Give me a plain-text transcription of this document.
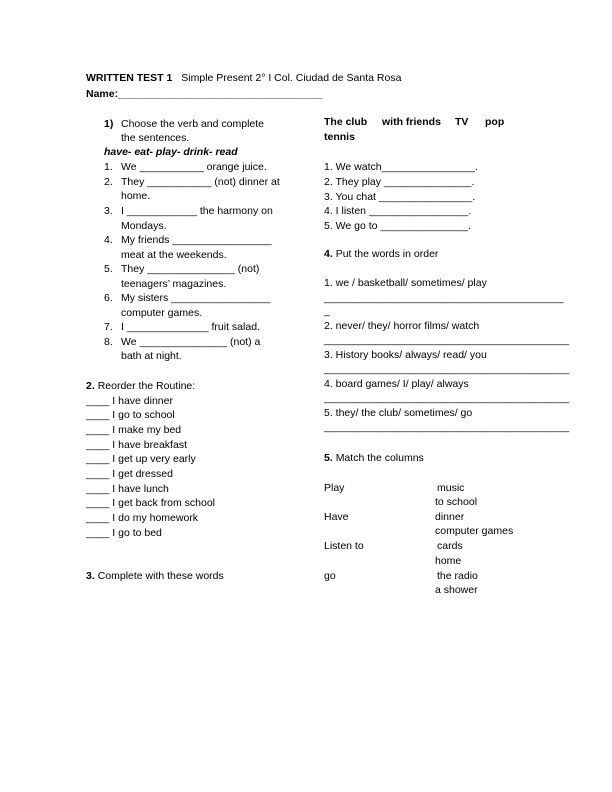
WRITTEN TEST 1 Simple Present 2° I Col. Ciudad de Santa Rosa
Name:___________________________________
1) Choose the verb and complete
the sentences.
have- eat- play- drink- read
1. We ___________ orange juice.
2. They ___________ (not) dinner at
home.
3. I ____________ the harmony on
Mondays.
4. My friends _________________
meat at the weekends.
5. They _______________ (not)
teenagers’ magazines.
6. My sisters _________________
computer games.
7. I ______________ fruit salad.
8. We _______________ (not) a
bath at night.
2. Reorder the Routine:
____ I have dinner
____ I go to school
____ I make my bed
____ I have breakfast
____ I get up very early
____ I get dressed
____ I have lunch
____ I get back from school
____ I do my homework
____ I go to bed
3. Complete with these words
The club with friends TV pop
tennis
1. We watch________________.
2. They play _______________.
3. You chat ________________.
4. I listen _________________.
5. We go to _______________.
4. Put the words in order
1. we / basketball/ sometimes/ play
_________________________________________
_
2. never/ they/ horror films/ watch
__________________________________________
3. History books/ always/ read/ you
__________________________________________
4. board games/ I/ play/ always
__________________________________________
5. they/ the club/ sometimes/ go
__________________________________________
5. Match the columns
Play
Have
Listen to
go
music
to school
dinner
computer games
cards
home
the radio
a shower
